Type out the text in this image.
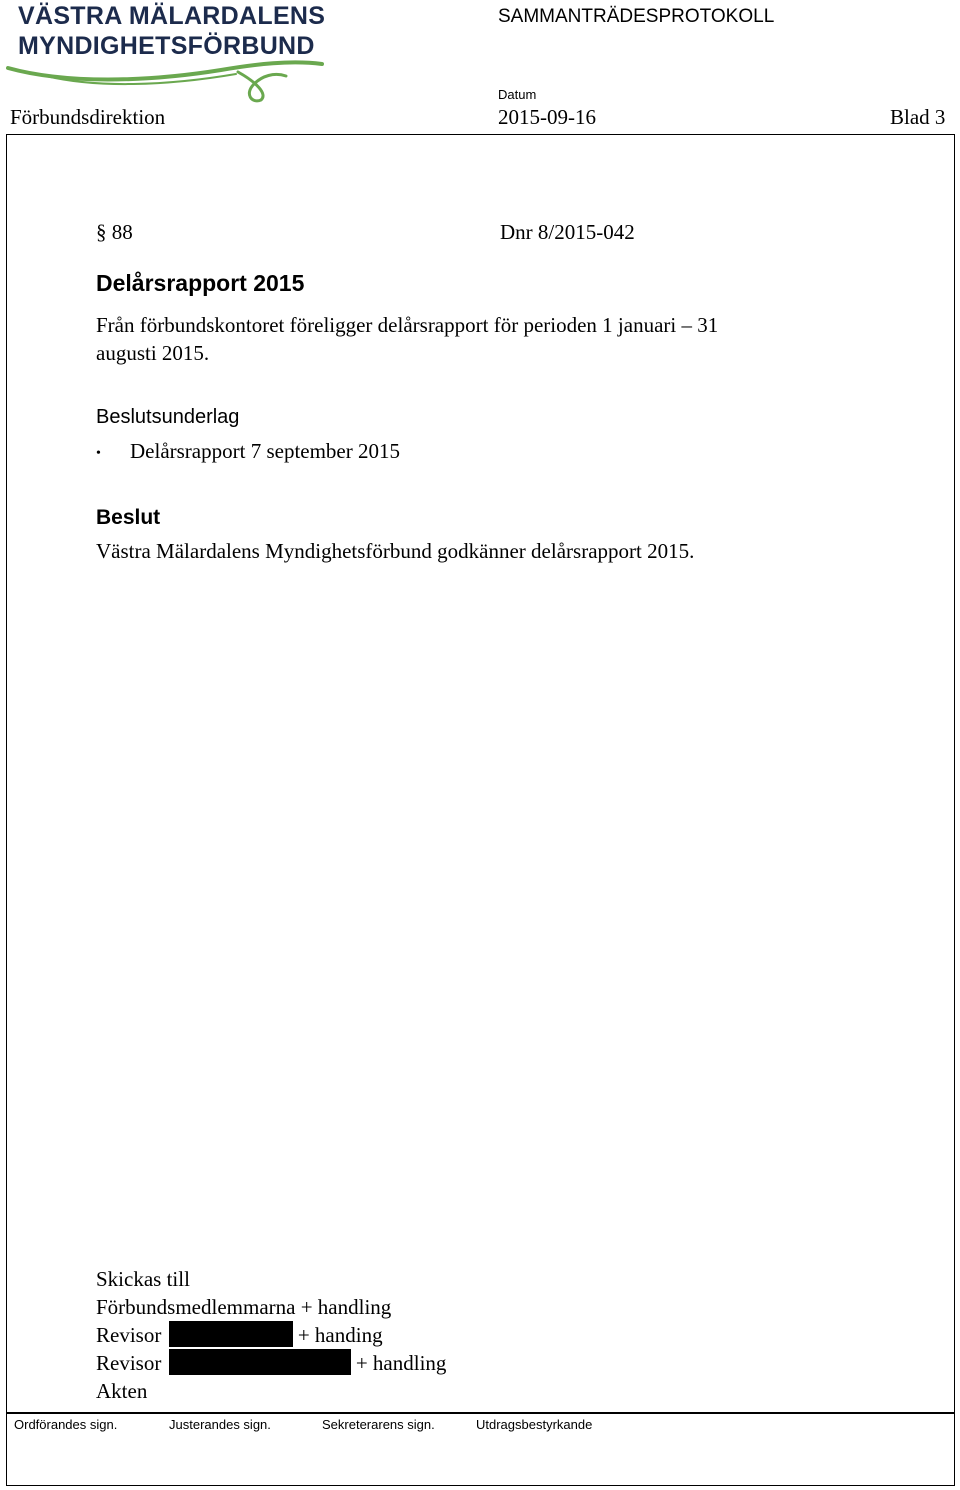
VÄSTRA MÄLARDALENS
MYNDIGHETSFÖRBUND
SAMMANTRÄDESPROTOKOLL
Datum
Förbundsdirektion	2015-09-16	Blad 3
§ 88	Dnr 8/2015-042
Delårsrapport 2015
Från förbundskontoret föreligger delårsrapport för perioden 1 januari – 31
augusti 2015.
Beslutsunderlag
• Delårsrapport 7 september 2015
Beslut
Västra Mälardalens Myndighetsförbund godkänner delårsrapport 2015.
Skickas till
Förbundsmedlemmarna + handling
Revisor	+ handing
Revisor	+ handling
Akten
Ordförandes sign.	Justerandes sign.	Sekreterarens sign.	Utdragsbestyrkande
